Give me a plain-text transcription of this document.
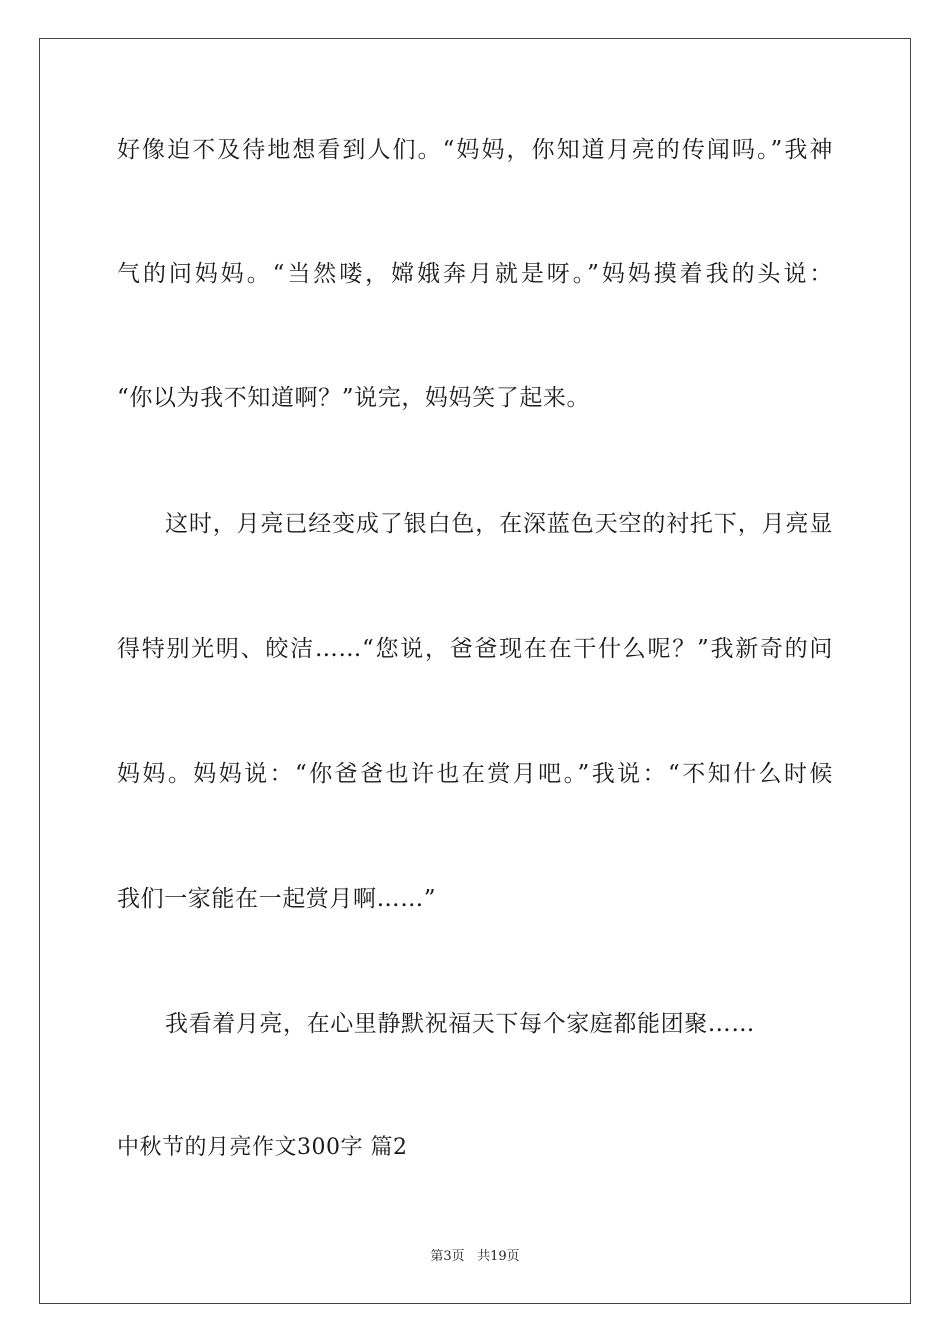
好像迫不及待地想看到人们。“妈妈，你知道月亮的传闻吗。”我神
气的问妈妈。“当然喽，嫦娥奔月就是呀。”妈妈摸着我的头说：
“你以为我不知道啊？”说完，妈妈笑了起来。
这时，月亮已经变成了银白色，在深蓝色天空的衬托下，月亮显
得特别光明、皎洁……“您说，爸爸现在在干什么呢？”我新奇的问
妈妈。妈妈说：“你爸爸也许也在赏月吧。”我说：“不知什么时候
我们一家能在一起赏月啊……”
我看着月亮，在心里静默祝福天下每个家庭都能团聚……
中秋节的月亮作文300字 篇2
第3页 共19页
